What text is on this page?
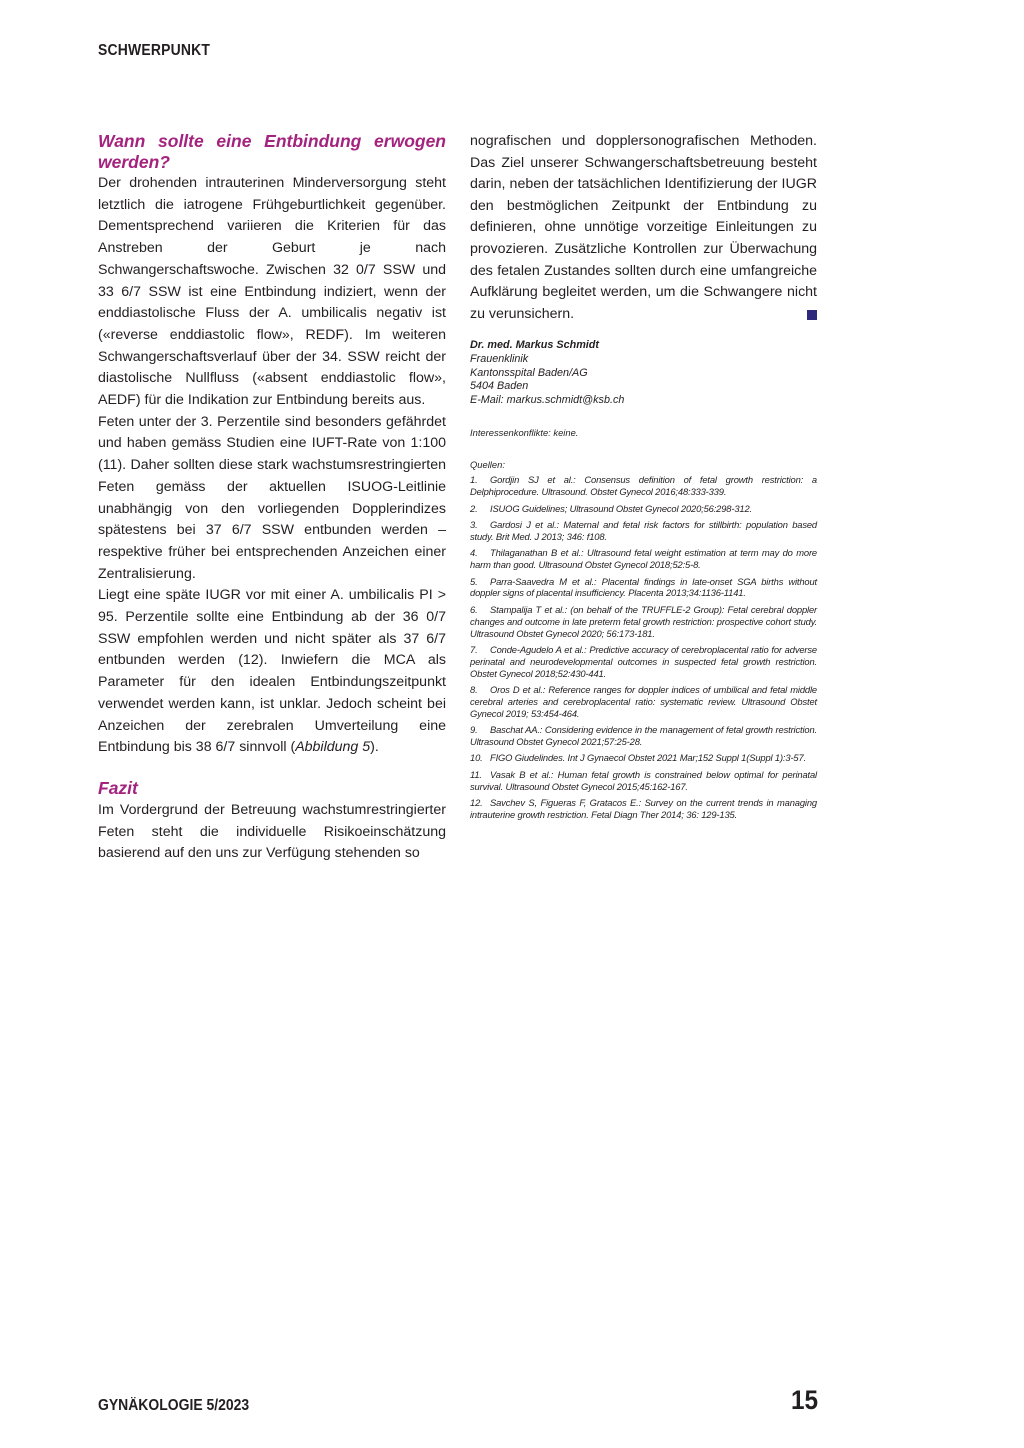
SCHWERPUNKT
Wann sollte eine Entbindung erwogen werden?

Der drohenden intrauterinen Minderversorgung steht letztlich die iatrogene Frühgeburtlichkeit gegenüber. Dementsprechend variieren die Kriterien für das Anstreben der Geburt je nach Schwangerschaftswoche. Zwischen 32 0/7 SSW und 33 6/7 SSW ist eine Entbindung indiziert, wenn der enddiastolische Fluss der A. umbilicalis negativ ist («reverse enddiastolic flow», REDF). Im weiteren Schwangerschaftsverlauf über der 34. SSW reicht der diastolische Nullfluss («absent enddiastolic flow», AEDF) für die Indikation zur Entbindung bereits aus.

Feten unter der 3. Perzentile sind besonders gefährdet und haben gemäss Studien eine IUFT-Rate von 1:100 (11). Daher sollten diese stark wachstumsrestringierten Feten gemäss der aktuellen ISUOG-Leitlinie unabhängig von den vorliegenden Dopplerindizes spätestens bei 37 6/7 SSW entbunden werden – respektive früher bei entsprechenden Anzeichen einer Zentralisierung.

Liegt eine späte IUGR vor mit einer A. umbilicalis PI > 95. Perzentile sollte eine Entbindung ab der 36 0/7 SSW empfohlen werden und nicht später als 37 6/7 entbunden werden (12). Inwiefern die MCA als Parameter für den idealen Entbindungszeitpunkt verwendet werden kann, ist unklar. Jedoch scheint bei Anzeichen der zerebralen Umverteilung eine Entbindung bis 38 6/7 sinnvoll (Abbildung 5).

Fazit

Im Vordergrund der Betreuung wachstumrestringierter Feten steht die individuelle Risikoeinschätzung basierend auf den uns zur Verfügung stehenden so

nografischen und dopplersonografischen Methoden. Das Ziel unserer Schwangerschaftsbetreuung besteht darin, neben der tatsächlichen Identifizierung der IUGR den bestmöglichen Zeitpunkt der Entbindung zu definieren, ohne unnötige vorzeitige Einleitungen zu provozieren. Zusätzliche Kontrollen zur Überwachung des fetalen Zustandes sollten durch eine umfangreiche Aufklärung begleitet werden, um die Schwangere nicht zu verunsichern.

Dr. med. Markus Schmidt
Frauenklinik
Kantonsspital Baden/AG
5404 Baden
E-Mail: markus.schmidt@ksb.ch
Interessenkonflikte: keine.
Quellen:
1. Gordjin SJ et al.: Consensus definition of fetal growth restriction: a Delphiprocedure. Ultrasound. Obstet Gynecol 2016;48:333-339.
2. ISUOG Guidelines; Ultrasound Obstet Gynecol 2020;56:298-312.
3. Gardosi J et al.: Maternal and fetal risk factors for stillbirth: population based study. Brit Med. J 2013; 346: f108.
4. Thilaganathan B et al.: Ultrasound fetal weight estimation at term may do more harm than good. Ultrasound Obstet Gynecol 2018;52:5-8.
5. Parra-Saavedra M et al.: Placental findings in late-onset SGA births without doppler signs of placental insufficiency. Placenta 2013;34:1136-1141.
6. Stampalija T et al.: (on behalf of the TRUFFLE-2 Group): Fetal cerebral doppler changes and outcome in late preterm fetal growth restriction: prospective cohort study. Ultrasound Obstet Gynecol 2020; 56:173-181.
7. Conde-Agudelo A et al.: Predictive accuracy of cerebroplacental ratio for adverse perinatal and neurodevelopmental outcomes in suspected fetal growth restriction. Obstet Gynecol 2018;52:430-441.
8. Oros D et al.: Reference ranges for doppler indices of umbilical and fetal middle cerebral arteries and cerebroplacental ratio: systematic review. Ultrasound Obstet Gynecol 2019; 53:454-464.
9. Baschat AA.: Considering evidence in the management of fetal growth restriction. Ultrasound Obstet Gynecol 2021;57:25-28.
10. FIGO Giudelindes. Int J Gynaecol Obstet 2021 Mar;152 Suppl 1(Suppl 1):3-57.
11. Vasak B et al.: Human fetal growth is constrained below optimal for perinatal survival. Ultrasound Obstet Gynecol 2015;45:162-167.
12. Savchev S, Figueras F, Gratacos E.: Survey on the current trends in managing intrauterine growth restriction. Fetal Diagn Ther 2014; 36: 129-135.
GYNÄKOLOGIE 5/2023	15
